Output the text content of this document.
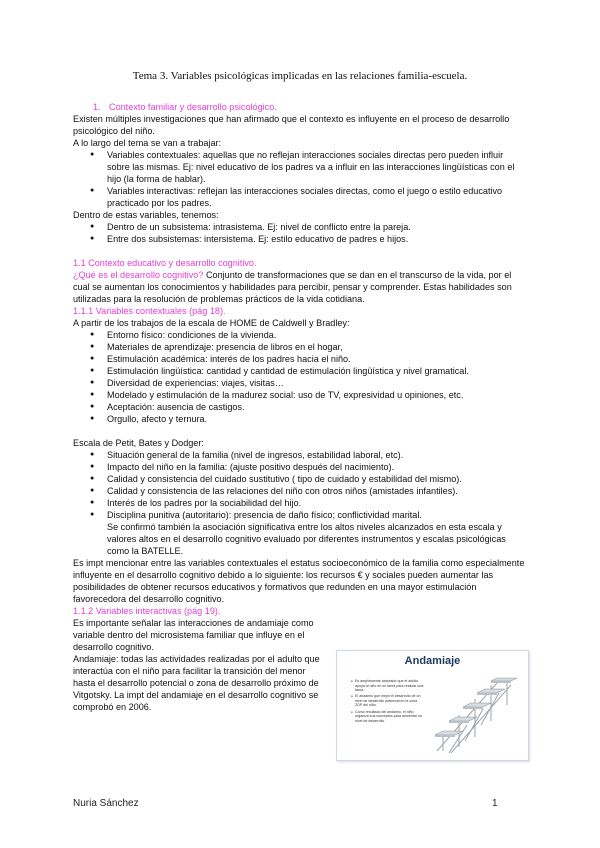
Tema 3. Variables psicológicas implicadas en las relaciones familia-escuela.

1. Contexto familiar y desarrollo psicológico.

Existen múltiples investigaciones que han afirmado que el contexto es influyente en el proceso de desarrollo psicológico del niño.

A lo largo del tema se van a trabajar:

● Variables contextuales: aquellas que no reflejan interacciones sociales directas pero pueden influir sobre las mismas. Ej: nivel educativo de los padres va a influir en las interacciones lingüísticas con el hijo (la forma de hablar).
● Variables interactivas: reflejan las interacciones sociales directas, como el juego o estilo educativo practicado por los padres.

Dentro de estas variables, tenemos:

● Dentro de un subsistema: intrasistema. Ej: nivel de conflicto entre la pareja.
● Entre dos subsistemas: intersistema. Ej: estilo educativo de padres e hijos.

1.1 Contexto educativo y desarrollo cognitivo.

¿Qué es el desarrollo cognitivo? Conjunto de transformaciones que se dan en el transcurso de la vida, por el cual se aumentan los conocimientos y habilidades para percibir, pensar y comprender. Estas habilidades son utilizadas para la resolución de problemas prácticos de la vida cotidiana.

1.1.1 Variables contextuales (pág 18).

A partir de los trabajos de la escala de HOME de Caldwell y Bradley:

● Entorno físico: condiciones de la vivienda.
● Materiales de aprendizaje: presencia de libros en el hogar,
● Estimulación académica: interés de los padres hacia el niño.
● Estimulación lingüística: cantidad y cantidad de estimulación lingüística y nivel gramatical.
● Diversidad de experiencias: viajes, visitas…
● Modelado y estimulación de la madurez social: uso de TV, expresividad u opiniones, etc.
● Aceptación: ausencia de castigos.
● Orgullo, afecto y ternura.

Escala de Petit, Bates y Dodger:

● Situación general de la familia (nivel de ingresos, estabilidad laboral, etc).
● Impacto del niño en la familia: (ajuste positivo después del nacimiento).
● Calidad y consistencia del cuidado sustitutivo ( tipo de cuidado y estabilidad del mismo).
● Calidad y consistencia de las relaciones del niño con otros niños (amistades infantiles).
● Interés de los padres por la sociabilidad del hijo.
● Disciplina punitiva (autoritario): presencia de daño físico; conflictividad marital.
Se confirmó también la asociación significativa entre los altos niveles alcanzados en esta escala y valores altos en el desarrollo cognitivo evaluado por diferentes instrumentos y escalas psicológicas como la BATELLE.

Es impt mencionar entre las variables contextuales el estatus socioeconómico de la familia como especialmente influyente en el desarrollo cognitivo debido a lo siguiente: los recursos € y sociales pueden aumentar las posibilidades de obtener recursos educativos y formativos que redunden en una mayor estimulación favorecedora del desarrollo cognitivo.

1.1.2 Variables interactivas (pág 19).

Es importante señalar las interacciones de andamiaje como variable dentro del microsistema familiar que influye en el desarrollo cognitivo.

Andamiaje: todas las actividades realizadas por el adulto que interactúa con el niño para facilitar la transición del menor hasta el desarrollo potencial o zona de desarrollo próximo de Vitgotsky. La impt del andamiaje en el desarrollo cognitivo se comprobó en 2006.

Andamiaje
● Es ampliamente aceptado que el adulto apoya al niño en su tarea para realizar una tarea.
● El andamio que mejor el desarrollo de un nivel de desarrollo potencial en la zona ZDP del niño.
● Como resultado del andamio, el niño organiza sus conceptos para aumentar su nivel de desarrollo.
Nuria Sánchez	1
